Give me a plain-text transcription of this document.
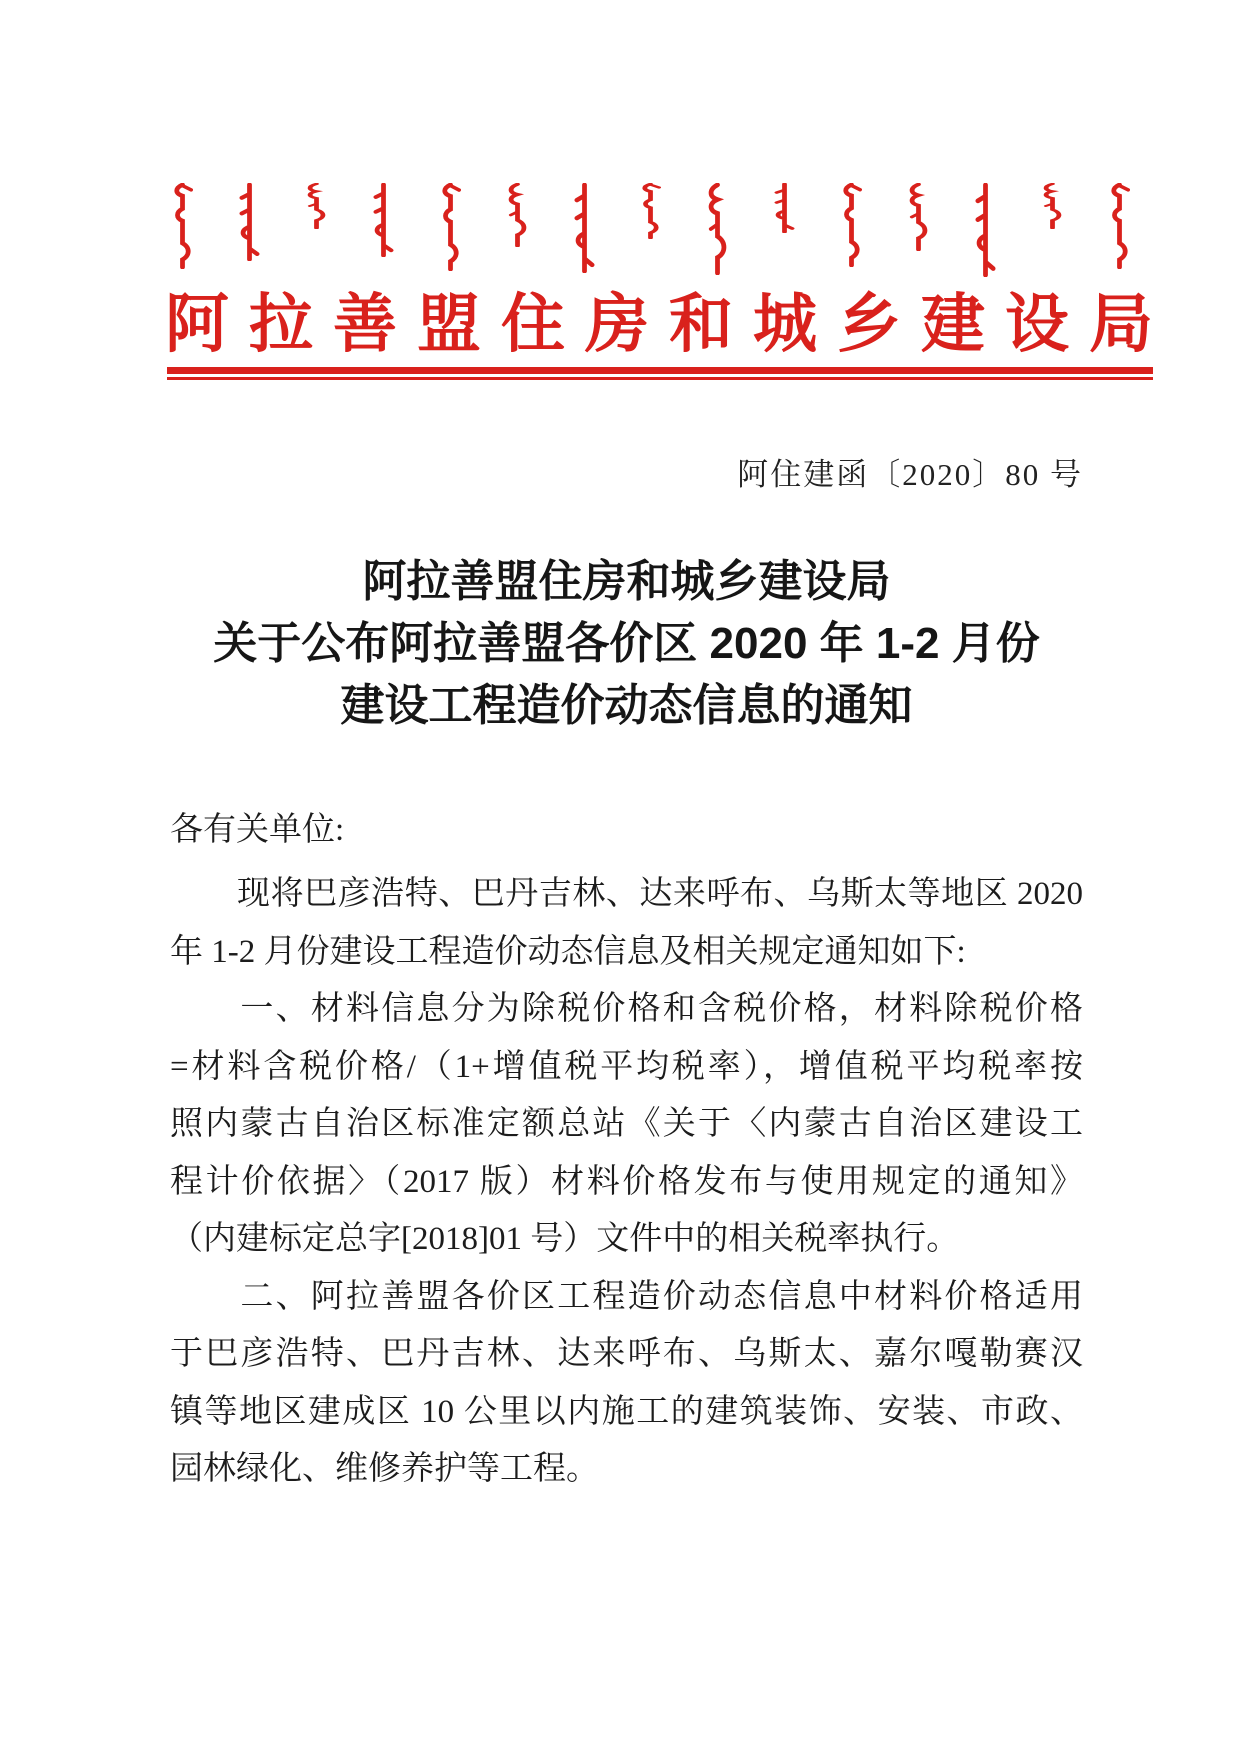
阿 拉 善 盟 住 房 和 城 乡 建 设 局
阿住建函〔2020〕80 号
阿拉善盟住房和城乡建设局
关于公布阿拉善盟各价区 2020 年 1-2 月份
建设工程造价动态信息的通知
各有关单位:
　　现将巴彦浩特、巴丹吉林、达来呼布、乌斯太等地区 2020
年 1-2 月份建设工程造价动态信息及相关规定通知如下:
　　一、材料信息分为除税价格和含税价格，材料除税价格
=材料含税价格/（1+增值税平均税率），增值税平均税率按
照内蒙古自治区标准定额总站《关于〈内蒙古自治区建设工
程计价依据〉（2017 版）材料价格发布与使用规定的通知》
（内建标定总字[2018]01 号）文件中的相关税率执行。
　　二、阿拉善盟各价区工程造价动态信息中材料价格适用
于巴彦浩特、巴丹吉林、达来呼布、乌斯太、嘉尔嘎勒赛汉
镇等地区建成区 10 公里以内施工的建筑装饰、安装、市政、
园林绿化、维修养护等工程。
